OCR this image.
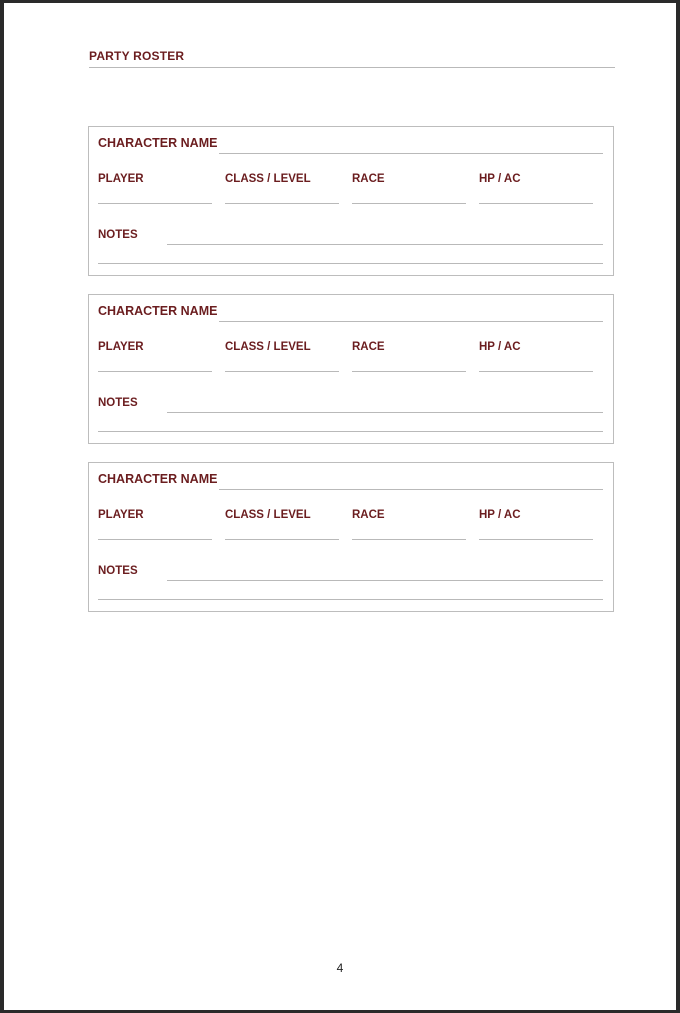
PARTY ROSTER
CHARACTER NAME
PLAYER	CLASS / LEVEL	RACE	HP / AC
NOTES
CHARACTER NAME
PLAYER	CLASS / LEVEL	RACE	HP / AC
NOTES
CHARACTER NAME
PLAYER	CLASS / LEVEL	RACE	HP / AC
NOTES
4
